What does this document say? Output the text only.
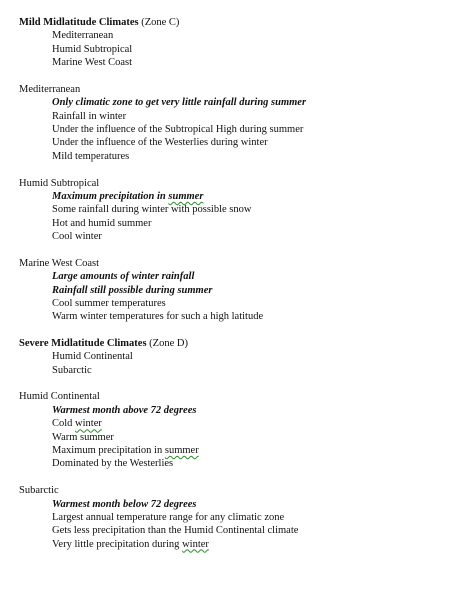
Mild Midlatitude Climates (Zone C)
Mediterranean
Humid Subtropical
Marine West Coast
Mediterranean
Only climatic zone to get very little rainfall during summer
Rainfall in winter
Under the influence of the Subtropical High during summer
Under the influence of the Westerlies during winter
Mild temperatures
Humid Subtropical
Maximum precipitation in summer
Some rainfall during winter with possible snow
Hot and humid summer
Cool winter
Marine West Coast
Large amounts of winter rainfall
Rainfall still possible during summer
Cool summer temperatures
Warm winter temperatures for such a high latitude
Severe Midlatitude Climates (Zone D)
Humid Continental
Subarctic
Humid Continental
Warmest month above 72 degrees
Cold winter
Warm summer
Maximum precipitation in summer
Dominated by the Westerlies
Subarctic
Warmest month below 72 degrees
Largest annual temperature range for any climatic zone
Gets less precipitation than the Humid Continental climate
Very little precipitation during winter
